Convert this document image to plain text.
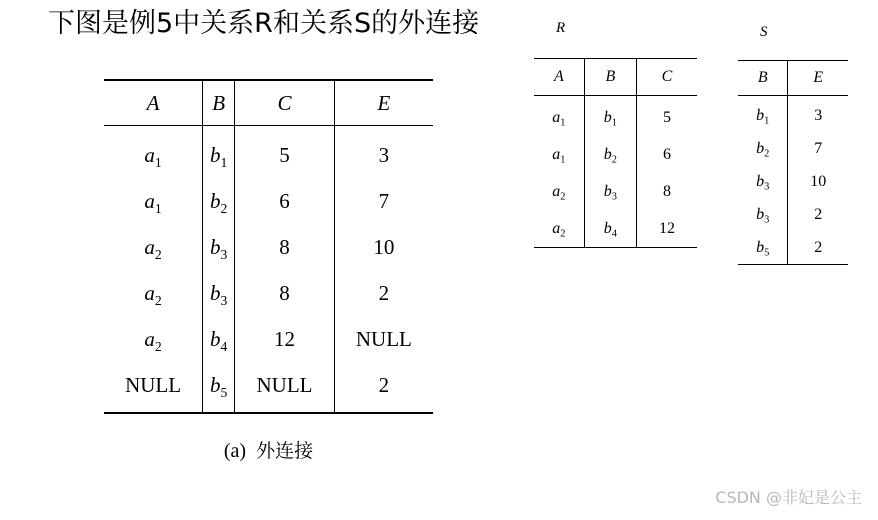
下图是例5中关系R和关系S的外连接
A	B	C	E
$a_1$	$b_1$	5	3
$a_1$	$b_2$	6	7
$a_2$	$b_3$	8	10
$a_2$	$b_3$	8	2
$a_2$	$b_4$	12	NULL
NULL	$b_5$	NULL	2
(a) 外连接
R
A	B	C
$a_1$	$b_1$	5
$a_1$	$b_2$	6
$a_2$	$b_3$	8
$a_2$	$b_4$	12
S
B	E
$b_1$	3
$b_2$	7
$b_3$	10
$b_3$	2
$b_5$	2
CSDN @非妃是公主
